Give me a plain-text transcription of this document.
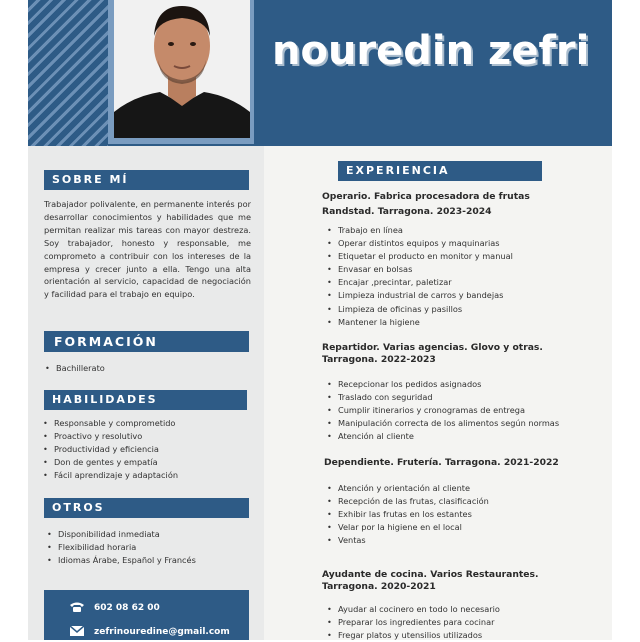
nouredin zefri
SOBRE MÍ
Trabajador polivalente, en permanente interés por desarrollar conocimientos y habilidades que me permitan realizar mis tareas con mayor destreza. Soy trabajador, honesto y responsable, me comprometo a contribuir con los intereses de la empresa y crecer junto a ella. Tengo una alta orientación al servicio, capacidad de negociación y facilidad para el trabajo en equipo.
FORMACIÓN
• Bachillerato
HABILIDADES
• Responsable y comprometido
• Proactivo y resolutivo
• Productividad y eficiencia
• Don de gentes y empatía
• Fácil aprendizaje y adaptación
OTROS
• Disponibilidad inmediata
• Flexibilidad horaria
• Idiomas Árabe, Español y Francés
602 08 62 00
zefrinouredine@gmail.com
EXPERIENCIA
Operario. Fabrica procesadora de frutas
Randstad. Tarragona. 2023-2024
• Trabajo en línea
• Operar distintos equipos y maquinarias
• Etiquetar el producto en monitor y manual
• Envasar en bolsas
• Encajar ,precintar, paletizar
• Limpieza industrial de carros y bandejas
• Limpieza de oficinas y pasillos
• Mantener la higiene
Repartidor. Varias agencias. Glovo y otras.
Tarragona. 2022-2023
• Recepcionar los pedidos asignados
• Traslado con seguridad
• Cumplir itinerarios y cronogramas de entrega
• Manipulación correcta de los alimentos según normas
• Atención al cliente
Dependiente. Frutería. Tarragona. 2021-2022
• Atención y orientación al cliente
• Recepción de las frutas, clasificación
• Exhibir las frutas en los estantes
• Velar por la higiene en el local
• Ventas
Ayudante de cocina. Varios Restaurantes.
Tarragona. 2020-2021
• Ayudar al cocinero en todo lo necesario
• Preparar los ingredientes para cocinar
• Fregar platos y utensilios utilizados
